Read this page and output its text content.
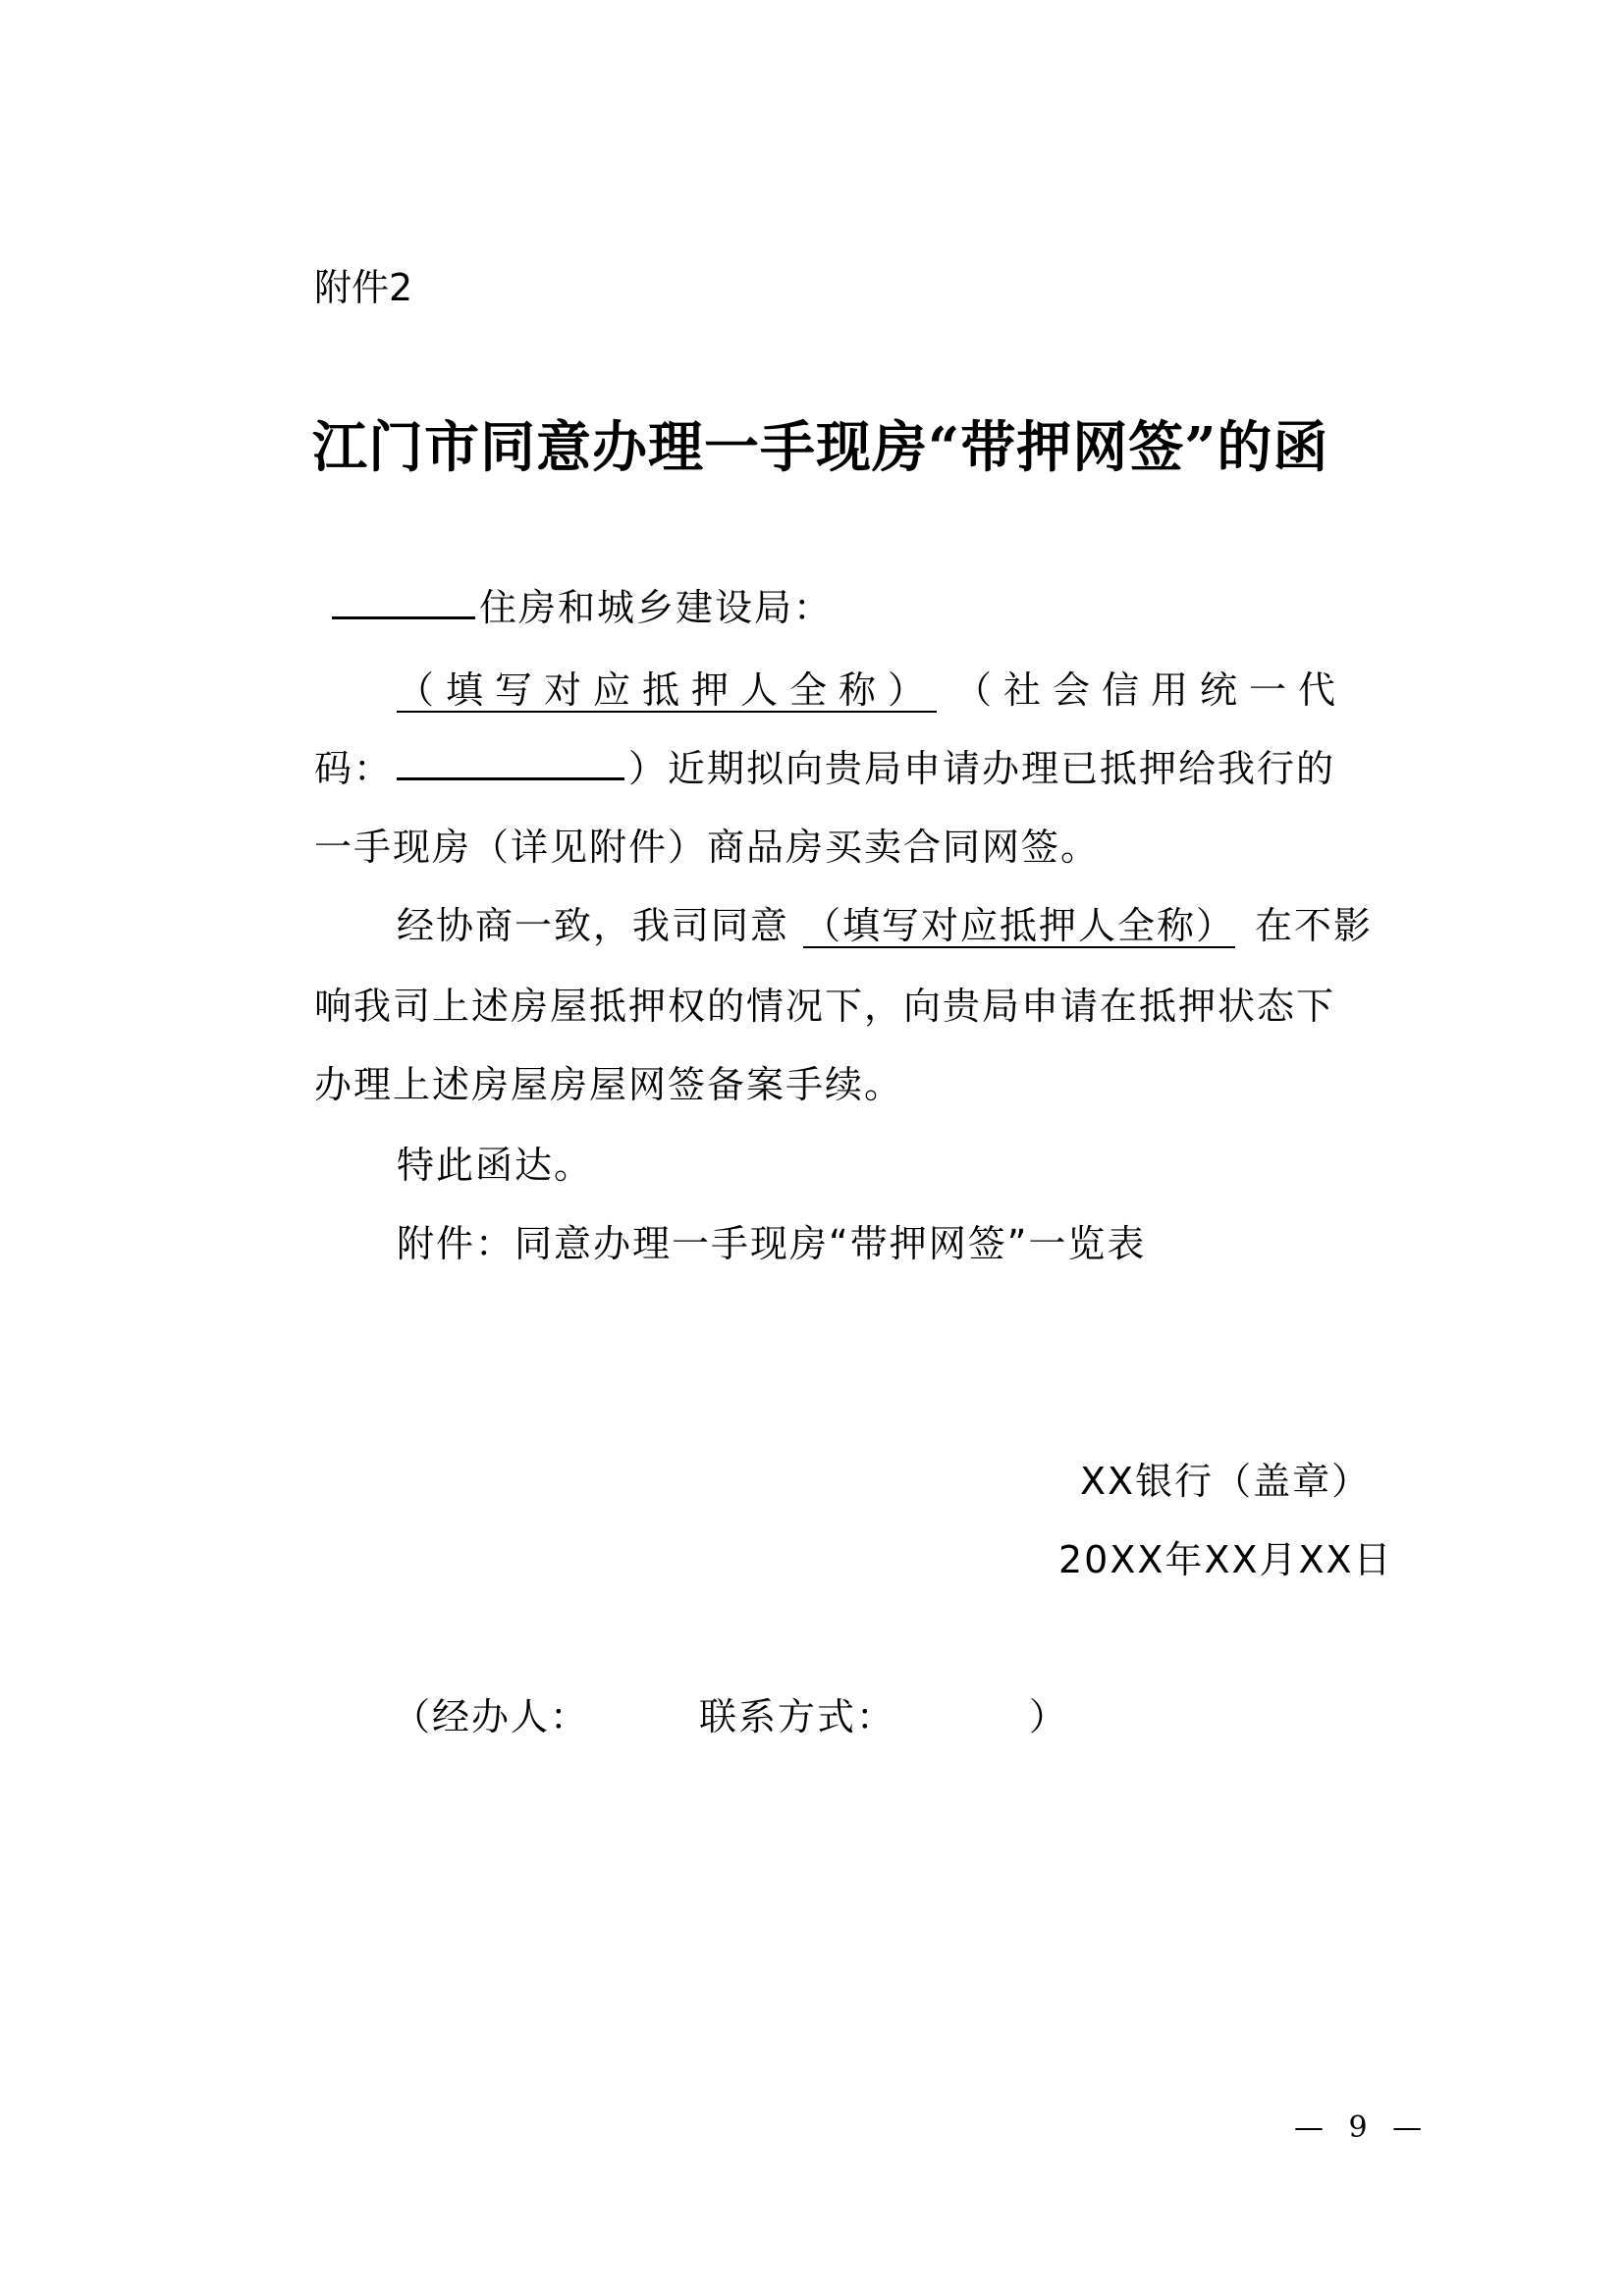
附件2
江门市同意办理一手现房“带押网签”的函
住房和城乡建设局：
（填写对应抵押人全称） （社会信用统一代
码：	）近期拟向贵局申请办理已抵押给我行的
一手现房（详见附件）商品房买卖合同网签。
经协商一致，我司同意 （填写对应抵押人全称） 在不影
响我司上述房屋抵押权的情况下，向贵局申请在抵押状态下
办理上述房屋房屋网签备案手续。
特此函达。
附件：同意办理一手现房“带押网签”一览表
XX银行（盖章）
20XX年XX月XX日
（ 经办人：	联系方式：	）
— 9 —
